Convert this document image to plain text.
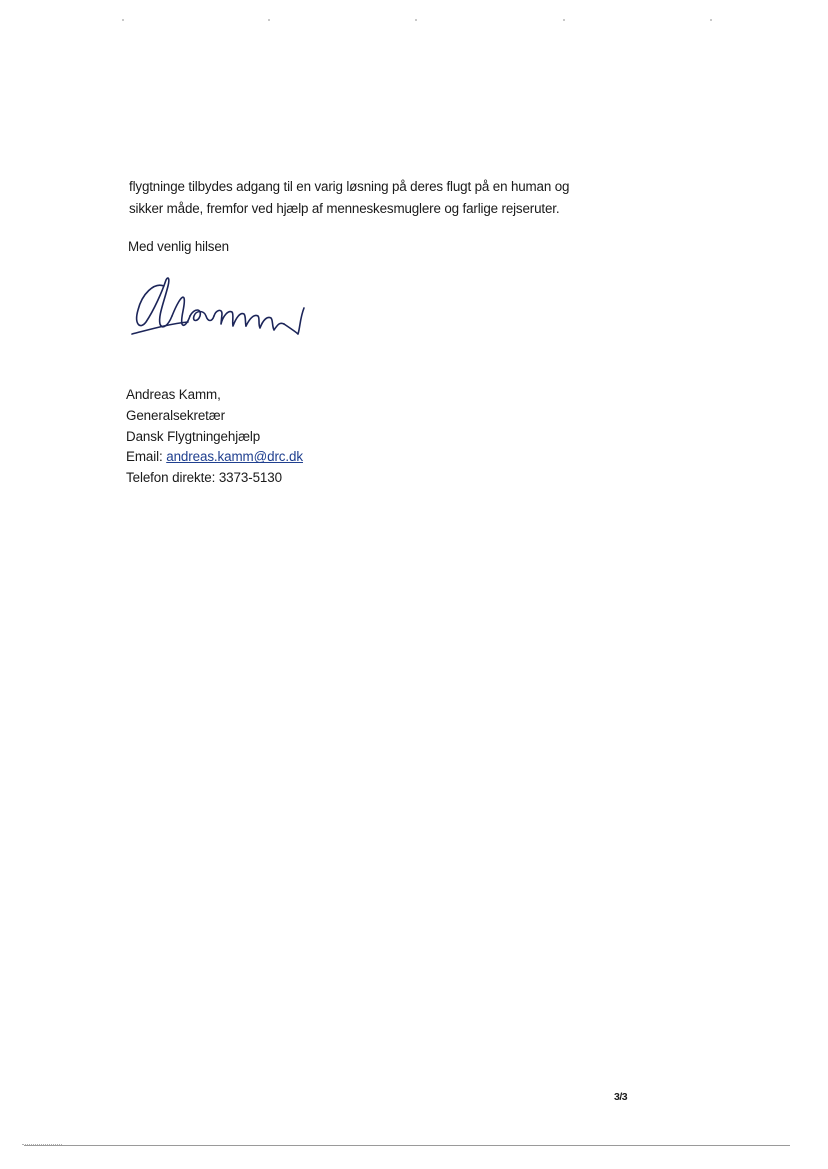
flygtninge tilbydes adgang til en varig løsning på deres flugt på en human og

sikker måde, fremfor ved hjælp af menneskesmuglere og farlige rejseruter.

Med venlig hilsen
Andreas Kamm,
Generalsekretær
Dansk Flygtningehjælp
Email: andreas.kamm@drc.dk
Telefon direkte: 3373-5130
3/3
